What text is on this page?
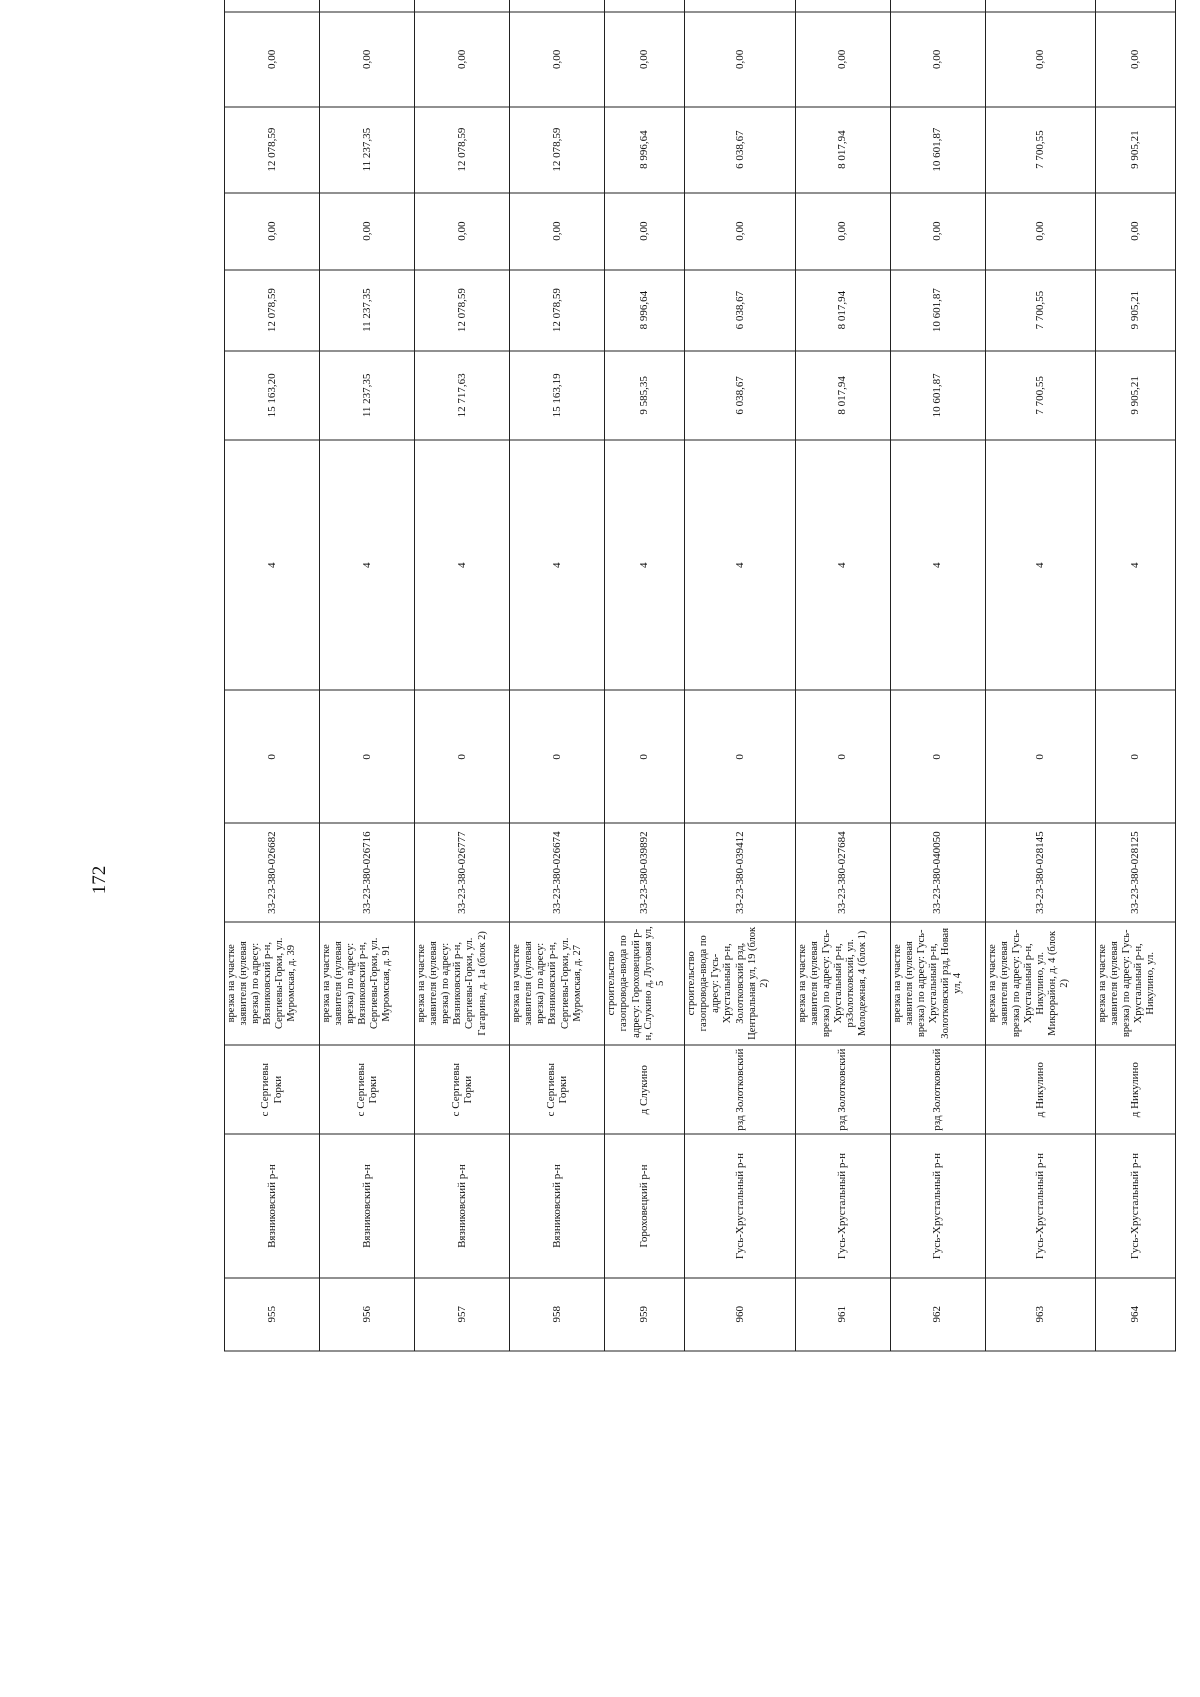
172
955	Вязниковский р-н	с Сергиевы Горки	врезка на участке заявителя (нулевая врезка) по адресу: Вязниковский р-н, Сергиевы-Горки, ул. Муромская, д. 39	33-23-380-026682	0	4	15 163,20	12 078,59	0,00	12 078,59	0,00	
956	Вязниковский р-н	с Сергиевы Горки	врезка на участке заявителя (нулевая врезка) по адресу: Вязниковский р-н, Сергиевы-Горки, ул. Муромская, д. 91	33-23-380-026716	0	4	11 237,35	11 237,35	0,00	11 237,35	0,00	
957	Вязниковский р-н	с Сергиевы Горки	врезка на участке заявителя (нулевая врезка) по адресу: Вязниковский р-н, Сергиевы-Горки, ул. Гагарина, д. 1а (блок 2)	33-23-380-026777	0	4	12 717,63	12 078,59	0,00	12 078,59	0,00	
958	Вязниковский р-н	с Сергиевы Горки	врезка на участке заявителя (нулевая врезка) по адресу: Вязниковский р-н, Сергиевы-Горки, ул. Муромская, д. 27	33-23-380-026674	0	4	15 163,19	12 078,59	0,00	12 078,59	0,00	
959	Гороховецкий р-н	д Слукино	строительство газопровода-ввода по адресу: Гороховецкий р-н, Слукино д, Луговая ул, 5	33-23-380-039892	0	4	9 585,35	8 996,64	0,00	8 996,64	0,00	
960	Гусь-Хрустальный р-н	рзд Золотковский	строительство газопровода-ввода по адресу: Гусь-Хрустальный р-н, Золотковский рзд, Центральная ул, 19 (блок 2)	33-23-380-039412	0	4	6 038,67	6 038,67	0,00	6 038,67	0,00	
961	Гусь-Хрустальный р-н	рзд Золотковский	врезка на участке заявителя (нулевая врезка) по адресу: Гусь-Хрустальный р-н, рзЗолотковский, ул. Молодежная, 4 (блок 1)	33-23-380-027684	0	4	8 017,94	8 017,94	0,00	8 017,94	0,00	
962	Гусь-Хрустальный р-н	рзд Золотковский	врезка на участке заявителя (нулевая врезка) по адресу: Гусь-Хрустальный р-н, Золотковский рзд, Новая ул, 4	33-23-380-040050	0	4	10 601,87	10 601,87	0,00	10 601,87	0,00	
963	Гусь-Хрустальный р-н	д Никулино	врезка на участке заявителя (нулевая врезка) по адресу: Гусь-Хрустальный р-н, Никулино, ул. Микрорайон, д. 4 (блок 2)	33-23-380-028145	0	4	7 700,55	7 700,55	0,00	7 700,55	0,00	
964	Гусь-Хрустальный р-н	д Никулино	врезка на участке заявителя (нулевая врезка) по адресу: Гусь-Хрустальный р-н, Никулино, ул.	33-23-380-028125	0	4	9 905,21	9 905,21	0,00	9 905,21	0,00	
